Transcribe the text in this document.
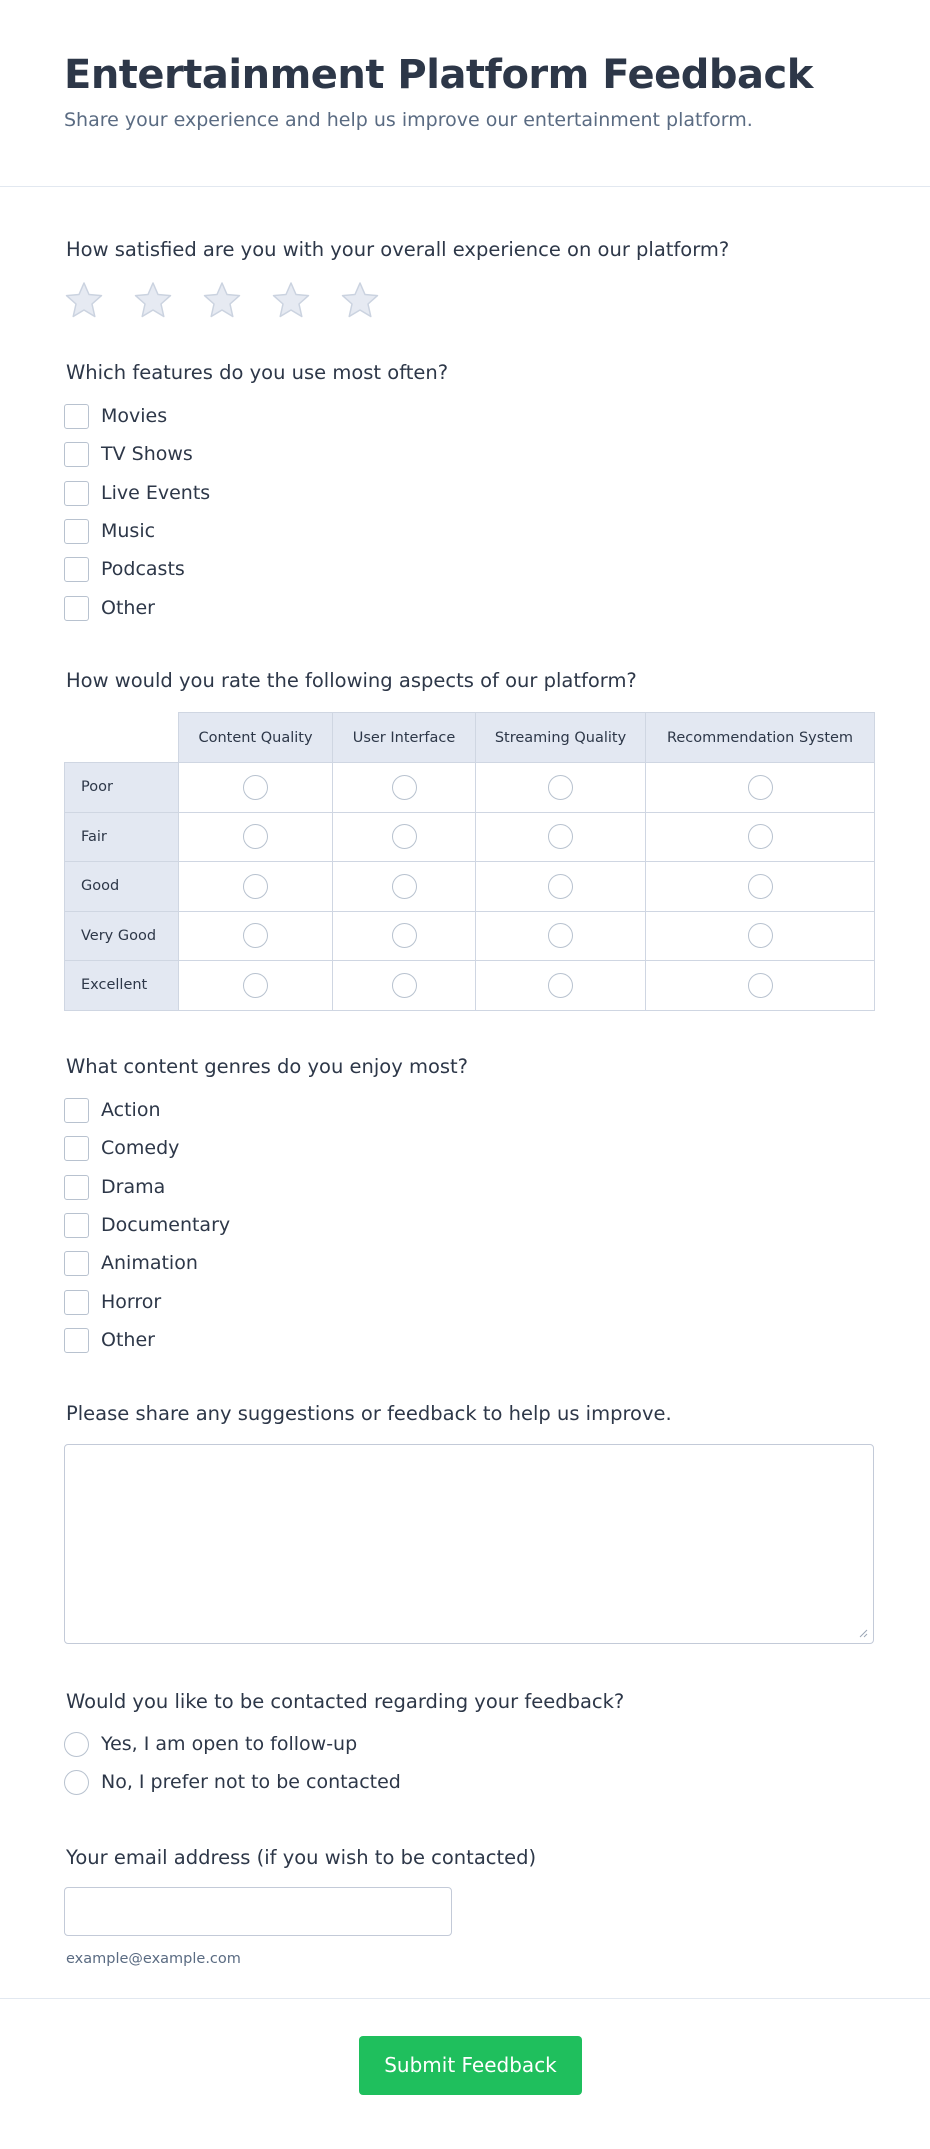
Entertainment Platform Feedback
Share your experience and help us improve our entertainment platform.
How satisfied are you with your overall experience on our platform?
Which features do you use most often?
Movies
TV Shows
Live Events
Music
Podcasts
Other
How would you rate the following aspects of our platform?
	Content Quality	User Interface	Streaming Quality	Recommendation System
Poor				
Fair				
Good				
Very Good				
Excellent				
What content genres do you enjoy most?
Action
Comedy
Drama
Documentary
Animation
Horror
Other
Please share any suggestions or feedback to help us improve.
Would you like to be contacted regarding your feedback?
Yes, I am open to follow-up
No, I prefer not to be contacted
Your email address (if you wish to be contacted)
example@example.com
Submit Feedback
